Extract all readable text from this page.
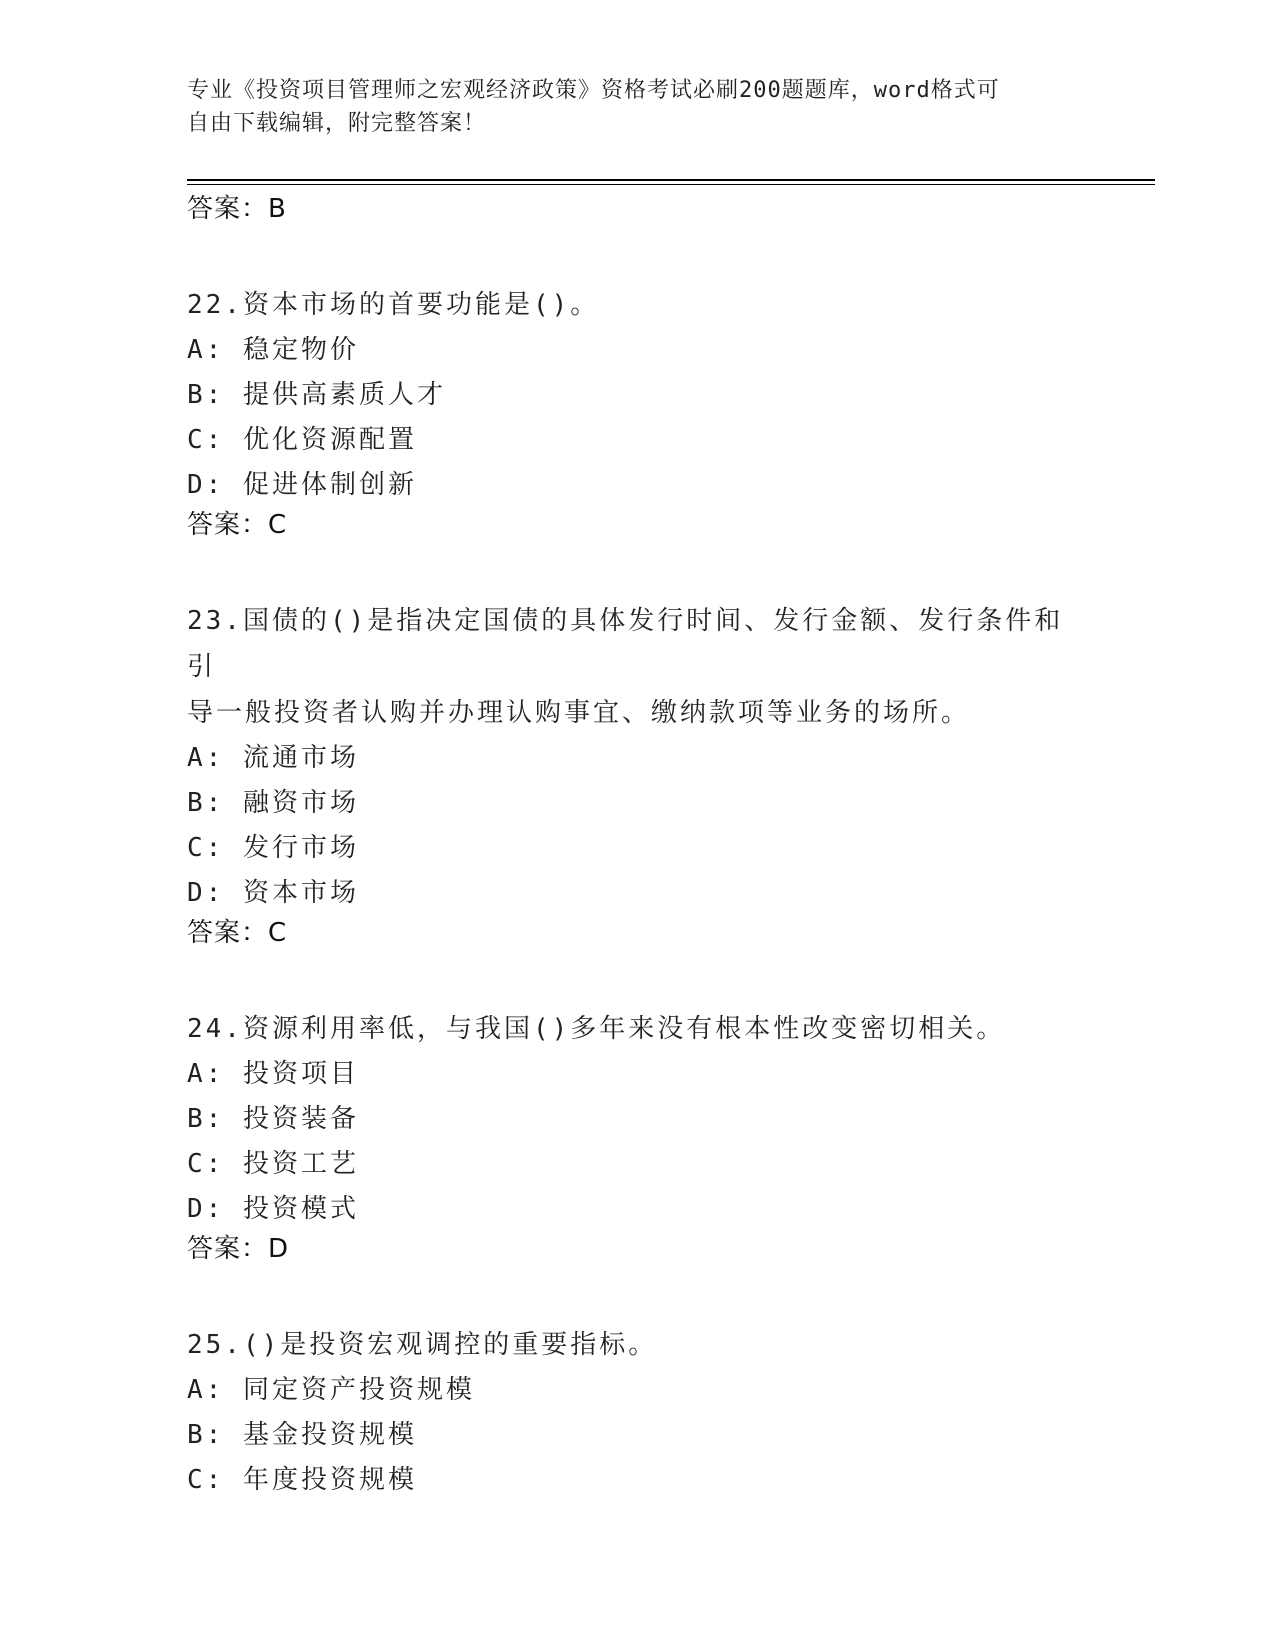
专业《投资项目管理师之宏观经济政策》资格考试必刷200题题库，word格式可
自由下载编辑，附完整答案！
答案：B
22.资本市场的首要功能是()。
A: 稳定物价
B: 提供高素质人才
C: 优化资源配置
D: 促进体制创新
答案：C
23.国债的()是指决定国债的具体发行时间、发行金额、发行条件和引
导一般投资者认购并办理认购事宜、缴纳款项等业务的场所。
A: 流通市场
B: 融资市场
C: 发行市场
D: 资本市场
答案：C
24.资源利用率低，与我国()多年来没有根本性改变密切相关。
A: 投资项目
B: 投资装备
C: 投资工艺
D: 投资模式
答案：D
25.()是投资宏观调控的重要指标。
A: 同定资产投资规模
B: 基金投资规模
C: 年度投资规模
